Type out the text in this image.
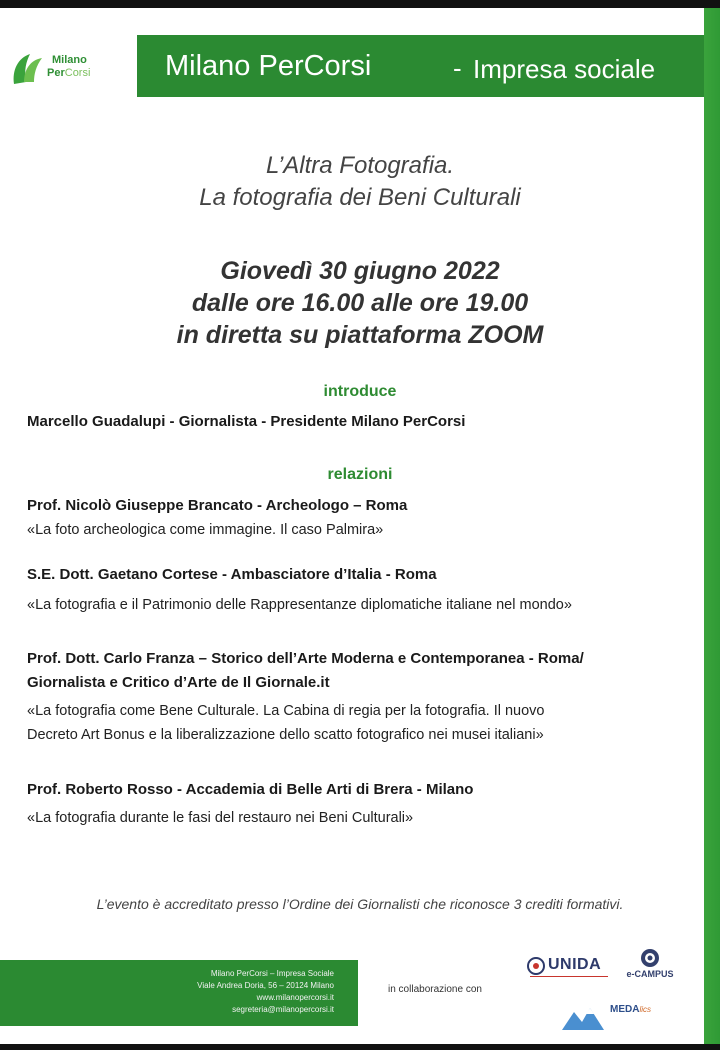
Milano
PerCorsi	Milano PerCorsi	- Impresa sociale
L’Altra Fotografia.
La fotografia dei Beni Culturali
Giovedì 30 giugno 2022
dalle ore 16.00 alle ore 19.00
in diretta su piattaforma ZOOM
introduce
Marcello Guadalupi - Giornalista - Presidente Milano PerCorsi
relazioni
Prof. Nicolò Giuseppe Brancato - Archeologo – Roma
«La foto archeologica come immagine. Il caso Palmira»
S.E. Dott. Gaetano Cortese - Ambasciatore d’Italia - Roma
«La fotografia e il Patrimonio delle Rappresentanze diplomatiche italiane nel mondo»
Prof. Dott. Carlo Franza – Storico dell’Arte Moderna e Contemporanea - Roma/
Giornalista e Critico d’Arte de Il Giornale.it
«La fotografia come Bene Culturale. La Cabina di regia per la fotografia. Il nuovo
Decreto Art Bonus e la liberalizzazione dello scatto fotografico nei musei italiani»
Prof. Roberto Rosso - Accademia di Belle Arti di Brera - Milano
«La fotografia durante le fasi del restauro nei Beni Culturali»
L’evento è accreditato presso l’Ordine dei Giornalisti che riconosce 3 crediti formativi.
Milano PerCorsi – Impresa Sociale
Viale Andrea Doria, 56 – 20124 Milano
www.milanopercorsi.it
segreteria@milanopercorsi.it
in collaborazione con
UNIDA
e-CAMPUS
MEDAlics
